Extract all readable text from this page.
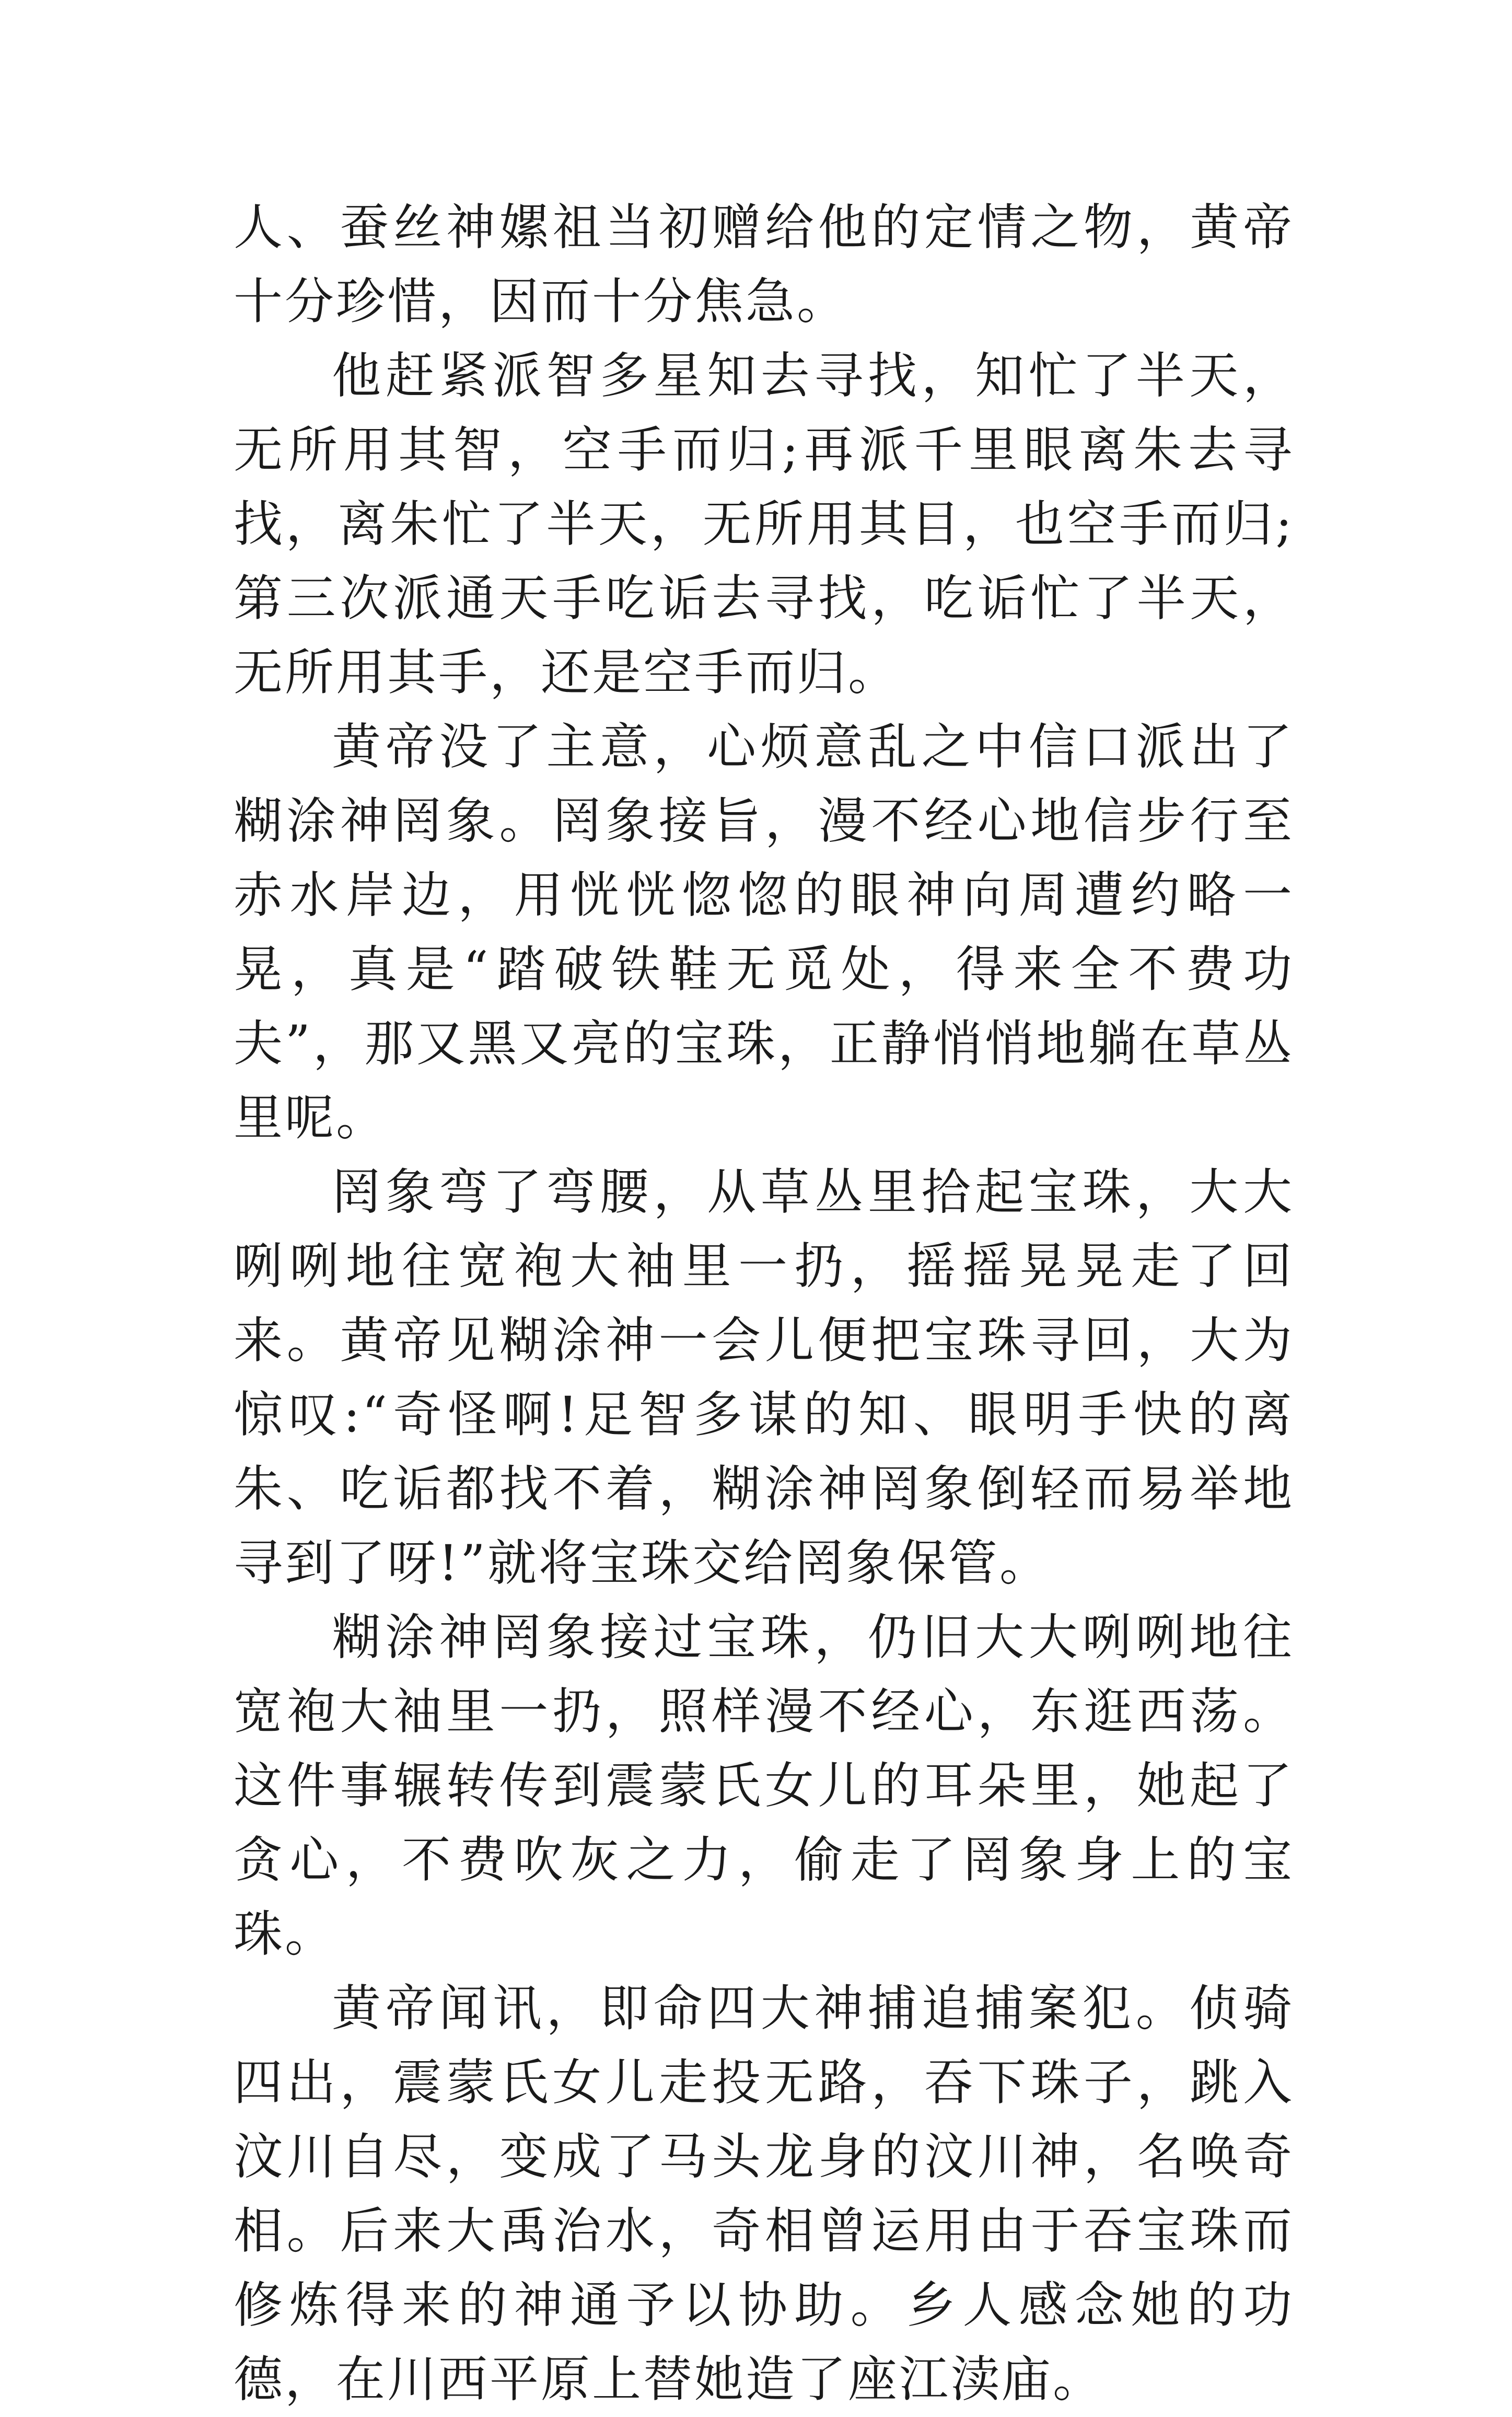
人、蚕丝神嫘祖当初赠给他的定情之物，黄帝十分珍惜，因而十分焦急。

他赶紧派智多星知去寻找，知忙了半天，无所用其智，空手而归;再派千里眼离朱去寻找，离朱忙了半天，无所用其目，也空手而归;第三次派通天手吃诟去寻找，吃诟忙了半天，无所用其手，还是空手而归。

黄帝没了主意，心烦意乱之中信口派出了糊涂神罔象。罔象接旨，漫不经心地信步行至赤水岸边，用恍恍惚惚的眼神向周遭约略一晃，真是“踏破铁鞋无觅处，得来全不费功夫”，那又黑又亮的宝珠，正静悄悄地躺在草丛里呢。

罔象弯了弯腰，从草丛里拾起宝珠，大大咧咧地往宽袍大袖里一扔，摇摇晃晃走了回来。黄帝见糊涂神一会儿便把宝珠寻回，大为惊叹:“奇怪啊!足智多谋的知、眼明手快的离朱、吃诟都找不着，糊涂神罔象倒轻而易举地寻到了呀!”就将宝珠交给罔象保管。

糊涂神罔象接过宝珠，仍旧大大咧咧地往宽袍大袖里一扔，照样漫不经心，东逛西荡。这件事辗转传到震蒙氏女儿的耳朵里，她起了贪心，不费吹灰之力，偷走了罔象身上的宝珠。

黄帝闻讯，即命四大神捕追捕案犯。侦骑四出，震蒙氏女儿走投无路，吞下珠子，跳入汶川自尽，变成了马头龙身的汶川神，名唤奇相。后来大禹治水，奇相曾运用由于吞宝珠而修炼得来的神通予以协助。乡人感念她的功德，在川西平原上替她造了座江渎庙。
